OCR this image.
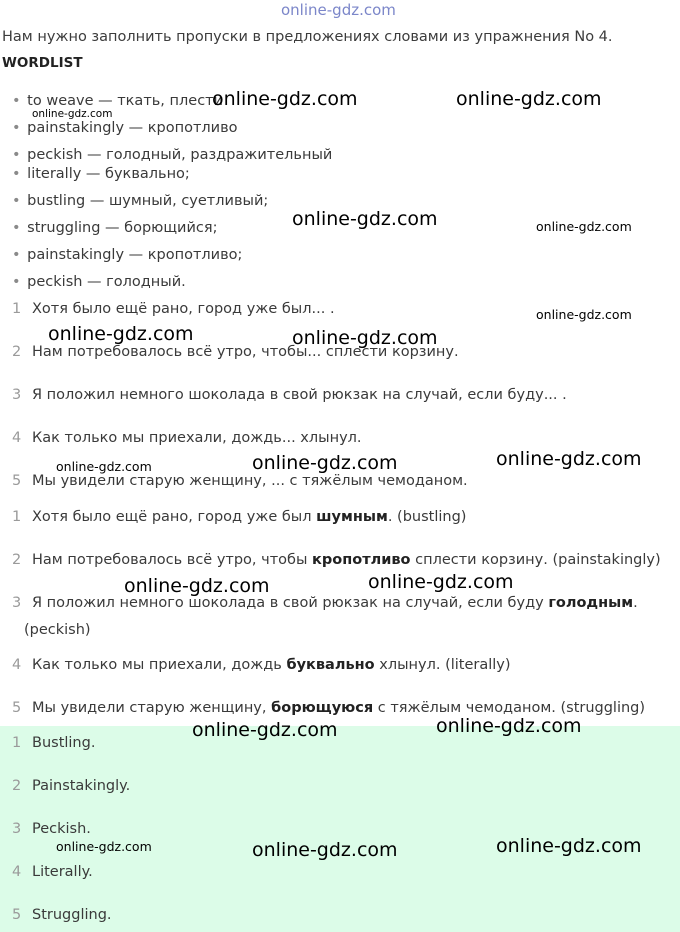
online-gdz.com
Нам нужно заполнить пропуски в предложениях словами из упражнения No 4.
WORDLIST
• to weave — ткать, плести
• painstakingly — кропотливо
• peckish — голодный, раздражительный
• literally — буквально;
• bustling — шумный, суетливый;
• struggling — борющийся;
• painstakingly — кропотливо;
• peckish — голодный.
1 Хотя было ещё рано, город уже был... .
2 Нам потребовалось всё утро, чтобы... сплести корзину.
3 Я положил немного шоколада в свой рюкзак на случай, если буду... .
4 Как только мы приехали, дождь... хлынул.
5 Мы увидели старую женщину, ... с тяжёлым чемоданом.
1 Хотя было ещё рано, город уже был шумным. (bustling)
2 Нам потребовалось всё утро, чтобы кропотливо сплести корзину. (painstakingly)
3 Я положил немного шоколада в свой рюкзак на случай, если буду голодным.
(peckish)
4 Как только мы приехали, дождь буквально хлынул. (literally)
5 Мы увидели старую женщину, борющуюся с тяжёлым чемоданом. (struggling)
1 Bustling.
2 Painstakingly.
3 Peckish.
4 Literally.
5 Struggling.
online-gdz.com	online-gdz.com
online-gdz.com
online-gdz.com	online-gdz.com
online-gdz.com
online-gdz.com	online-gdz.com
online-gdz.com
online-gdz.com
online-gdz.com
online-gdz.com
online-gdz.com
online-gdz.com
online-gdz.com
online-gdz.com	online-gdz.com
online-gdz.com
